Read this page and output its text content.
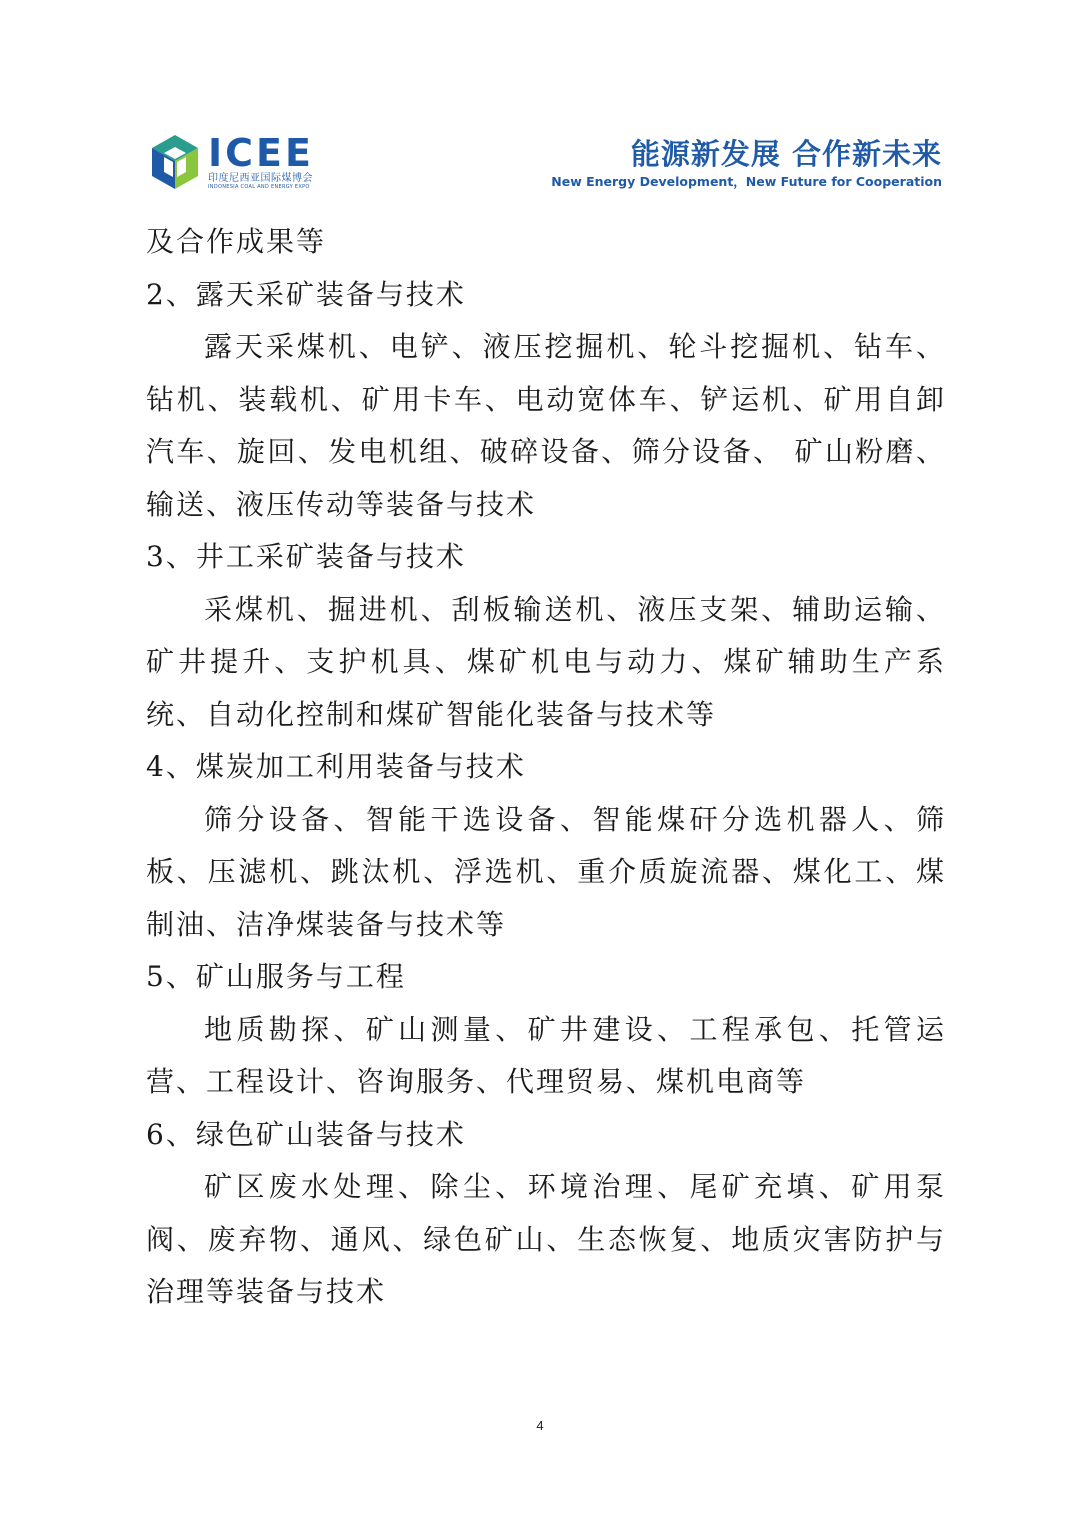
ICEE
印度尼西亚国际煤博会
INDONESIA COAL AND ENERGY EXPO
能源新发展 合作新未来
New Energy Development，New Future for Cooperation

及合作成果等

2、露天采矿装备与技术

露天采煤机、电铲、液压挖掘机、轮斗挖掘机、钻车、钻机、装载机、矿用卡车、电动宽体车、铲运机、矿用自卸汽车、旋回、发电机组、破碎设备、筛分设备、 矿山粉磨、输送、液压传动等装备与技术

3、井工采矿装备与技术

采煤机、掘进机、刮板输送机、液压支架、辅助运输、矿井提升、支护机具、煤矿机电与动力、煤矿辅助生产系统、自动化控制和煤矿智能化装备与技术等

4、煤炭加工利用装备与技术

筛分设备、智能干选设备、智能煤矸分选机器人、筛板、压滤机、跳汰机、浮选机、重介质旋流器、煤化工、煤制油、洁净煤装备与技术等

5、矿山服务与工程

地质勘探、矿山测量、矿井建设、工程承包、托管运营、工程设计、咨询服务、代理贸易、煤机电商等

6、绿色矿山装备与技术

矿区废水处理、除尘、环境治理、尾矿充填、矿用泵阀、废弃物、通风、绿色矿山、生态恢复、地质灾害防护与治理等装备与技术

4
